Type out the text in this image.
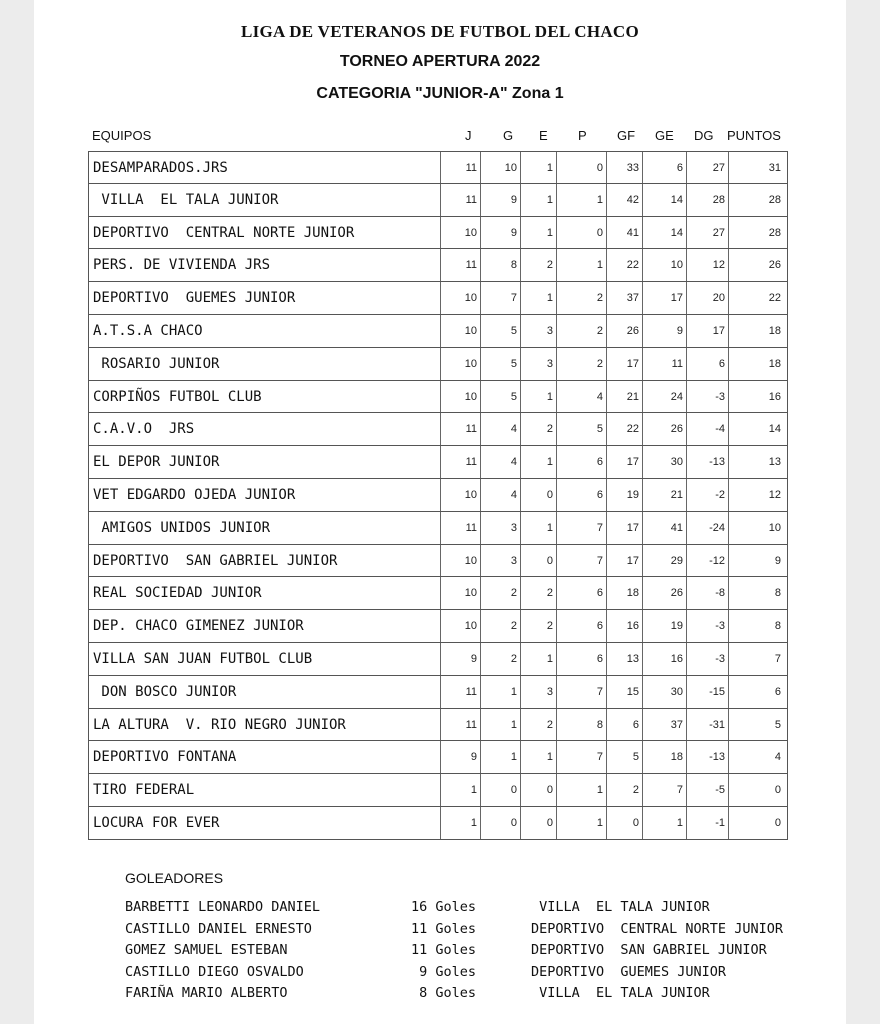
LIGA DE VETERANOS DE FUTBOL DEL CHACO
TORNEO APERTURA 2022
CATEGORIA "JUNIOR-A" Zona 1
EQUIPOS	J G E P GF GE DG PUNTOS
DESAMPARADOS.JRS	11	10	1	0	33	6	27	31
VILLA  EL TALA JUNIOR	11	9	1	1	42	14	28	28
DEPORTIVO  CENTRAL NORTE JUNIOR	10	9	1	0	41	14	27	28
PERS. DE VIVIENDA JRS	11	8	2	1	22	10	12	26
DEPORTIVO  GUEMES JUNIOR	10	7	1	2	37	17	20	22
A.T.S.A CHACO	10	5	3	2	26	9	17	18
ROSARIO JUNIOR	10	5	3	2	17	11	6	18
CORPIÑOS FUTBOL CLUB	10	5	1	4	21	24	-3	16
C.A.V.O  JRS	11	4	2	5	22	26	-4	14
EL DEPOR JUNIOR	11	4	1	6	17	30	-13	13
VET EDGARDO OJEDA JUNIOR	10	4	0	6	19	21	-2	12
AMIGOS UNIDOS JUNIOR	11	3	1	7	17	41	-24	10
DEPORTIVO  SAN GABRIEL JUNIOR	10	3	0	7	17	29	-12	9
REAL SOCIEDAD JUNIOR	10	2	2	6	18	26	-8	8
DEP. CHACO GIMENEZ JUNIOR	10	2	2	6	16	19	-3	8
VILLA SAN JUAN FUTBOL CLUB	9	2	1	6	13	16	-3	7
DON BOSCO JUNIOR	11	1	3	7	15	30	-15	6
LA ALTURA  V. RIO NEGRO JUNIOR	11	1	2	8	6	37	-31	5
DEPORTIVO FONTANA	9	1	1	7	5	18	-13	4
TIRO FEDERAL	1	0	0	1	2	7	-5	0
LOCURA FOR EVER	1	0	0	1	0	1	-1	0
GOLEADORES
BARBETTI LEONARDO DANIEL	16 Goles	VILLA  EL TALA JUNIOR
CASTILLO DANIEL ERNESTO	11 Goles	DEPORTIVO  CENTRAL NORTE JUNIOR
GOMEZ SAMUEL ESTEBAN	11 Goles	DEPORTIVO  SAN GABRIEL JUNIOR
CASTILLO DIEGO OSVALDO	9 Goles	DEPORTIVO  GUEMES JUNIOR
FARIÑA MARIO ALBERTO	8 Goles	VILLA  EL TALA JUNIOR
